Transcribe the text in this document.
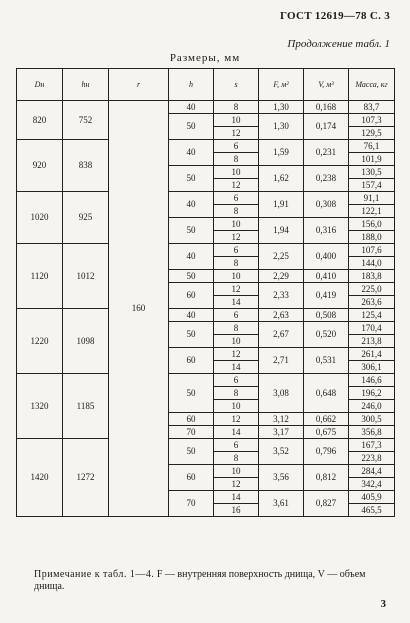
ГОСТ 12619—78 С. 3
Продолжение табл. 1
Размеры, мм
Dн	hн	r	h	s	F, м²	V, м³	Масса, кг
820	752	160	40	8	1,30	0,168	83,7
			50	10	1,30	0,174	107,3
				12			129,5
920	838		40	6	1,59	0,231	76,1
				8			101,9
			50	10	1,62	0,238	130,5
				12			157,4
1020	925		40	6	1,91	0,308	91,1
				8			122,1
			50	10	1,94	0,316	156,0
				12			188,0
1120	1012		40	6	2,25	0,400	107,6
				8			144,0
			50	10	2,29	0,410	183,8
			60	12	2,33	0,419	225,0
				14			263,6
1220	1098		40	6	2,63	0,508	125,4
			50	8	2,67	0,520	170,4
				10			213,8
			60	12	2,71	0,531	261,4
				14			306,1
1320	1185		50	6	3,08	0,648	146,6
				8			196,2
				10			246,0
			60	12	3,12	0,662	300,5
			70	14	3,17	0,675	356,8
1420	1272		50	6	3,52	0,796	167,3
				8			223,8
			60	10	3,56	0,812	284,4
				12			342,4
			70	14	3,61	0,827	405,9
				16			465,5
Примечание к табл. 1—4. F — внутренняя поверхность днища, V — объем днища.
3
